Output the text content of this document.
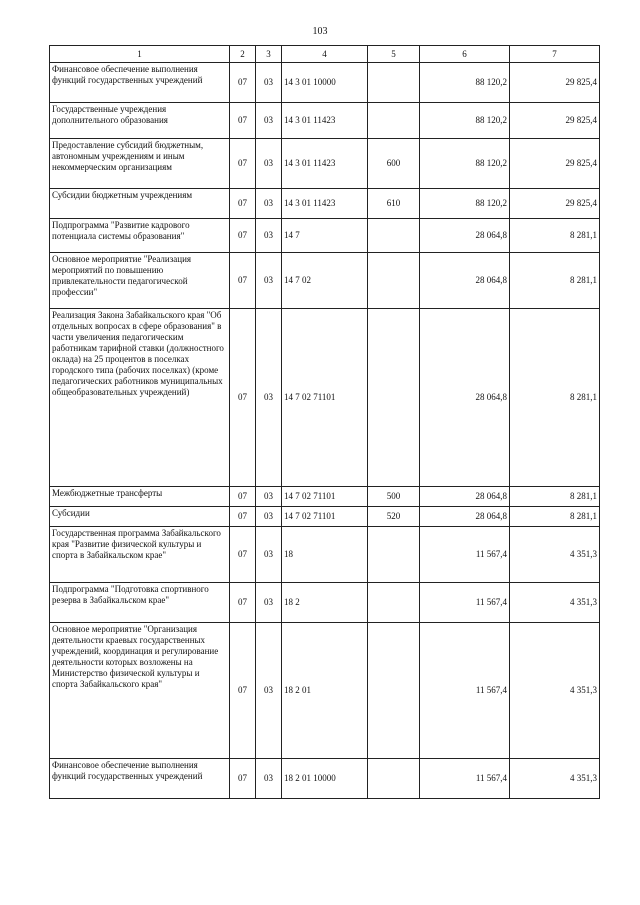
103
1	2	3	4	5	6	7
Финансовое обеспечение выполнения функций государственных учреждений	07	03	14 3 01 10000		88 120,2	29 825,4
Государственные учреждения дополнительного образования	07	03	14 3 01 11423		88 120,2	29 825,4
Предоставление субсидий бюджетным, автономным учреждениям и иным некоммерческим организациям	07	03	14 3 01 11423	600	88 120,2	29 825,4
Субсидии бюджетным учреждениям	07	03	14 3 01 11423	610	88 120,2	29 825,4
Подпрограмма "Развитие кадрового потенциала системы образования"	07	03	14 7		28 064,8	8 281,1
Основное мероприятие "Реализация мероприятий по повышению привлекательности педагогической профессии"	07	03	14 7 02		28 064,8	8 281,1
Реализация Закона Забайкальского края "Об отдельных вопросах в сфере образования" в части увеличения педагогическим работникам тарифной ставки (должностного оклада) на 25 процентов в поселках городского типа (рабочих поселках) (кроме педагогических работников муниципальных общеобразовательных учреждений)	07	03	14 7 02 71101		28 064,8	8 281,1
Межбюджетные трансферты	07	03	14 7 02 71101	500	28 064,8	8 281,1
Субсидии	07	03	14 7 02 71101	520	28 064,8	8 281,1
Государственная программа Забайкальского края "Развитие физической культуры и спорта в Забайкальском крае"	07	03	18		11 567,4	4 351,3
Подпрограмма "Подготовка спортивного резерва в Забайкальском крае"	07	03	18 2		11 567,4	4 351,3
Основное мероприятие "Организация деятельности краевых государственных учреждений, координация и регулирование деятельности которых возложены на Министерство физической культуры и спорта Забайкальского края"	07	03	18 2 01		11 567,4	4 351,3
Финансовое обеспечение выполнения функций государственных учреждений	07	03	18 2 01 10000		11 567,4	4 351,3
